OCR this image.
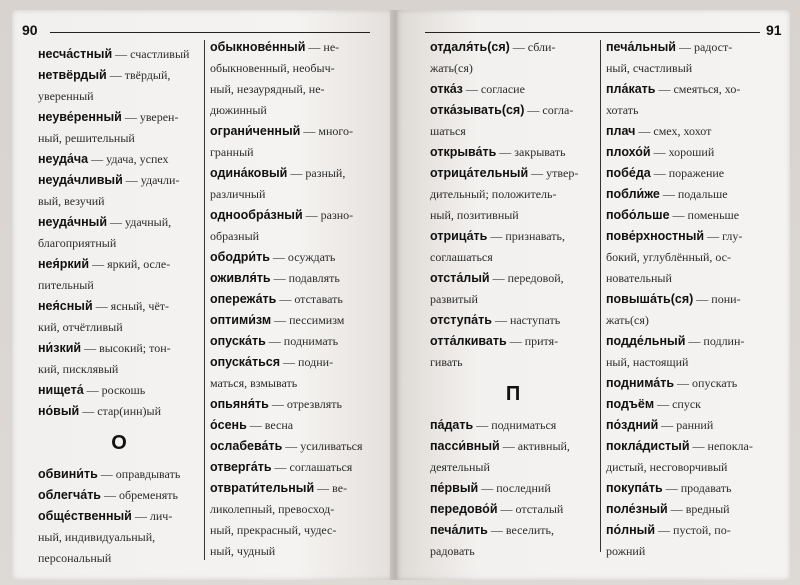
90	91
несча́стный — счастливый
нетвёрдый — твёрдый,
уверенный
неуве́ренный — уверен-
ный, решительный
неуда́ча — удача, успех
неуда́чливый — удачли-
вый, везучий
неуда́чный — удачный,
благоприятный
нея́ркий — яркий, осле-
пительный
нея́сный — ясный, чёт-
кий, отчётливый
ни́зкий — высокий; тон-
кий, писклявый
нищета́ — роскошь
но́вый — стар(инн)ый
О
обвини́ть — оправдывать
облегча́ть — обременять
обще́ственный — лич-
ный, индивидуальный,
персональный
обыкнове́нный — не-
обыкновенный, необыч-
ный, незаурядный, не-
дюжинный
ограни́ченный — много-
гранный
одина́ковый — разный,
различный
однообра́зный — разно-
образный
ободри́ть — осуждать
оживля́ть — подавлять
опережа́ть — отставать
оптими́зм — пессимизм
опуска́ть — поднимать
опуска́ться — подни-
маться, взмывать
опьяня́ть — отрезвлять
о́сень — весна
ослабева́ть — усиливаться
отверга́ть — соглашаться
отврати́тельный — ве-
ликолепный, превосход-
ный, прекрасный, чудес-
ный, чудный
отдаля́ть(ся) — сбли-
жать(ся)
отка́з — согласие
отка́зывать(ся) — согла-
шаться
открыва́ть — закрывать
отрица́тельный — утвер-
дительный; положитель-
ный, позитивный
отрица́ть — признавать,
соглашаться
отста́лый — передовой,
развитый
отступа́ть — наступать
отта́лкивать — притя-
гивать
П
па́дать — подниматься
пасси́вный — активный,
деятельный
пе́рвый — последний
передово́й — отсталый
печа́лить — веселить,
радовать
печа́льный — радост-
ный, счастливый
пла́кать — смеяться, хо-
хотать
плач — смех, хохот
плохо́й — хороший
побе́да — поражение
побли́же — подальше
побо́льше — поменьше
пове́рхностный — глу-
бокий, углублённый, ос-
новательный
повыша́ть(ся) — пони-
жать(ся)
подде́льный — подлин-
ный, настоящий
поднима́ть — опускать
подъём — спуск
по́здний — ранний
покла́дистый — непокла-
дистый, несговорчивый
покупа́ть — продавать
поле́зный — вредный
по́лный — пустой, по-
рожний
